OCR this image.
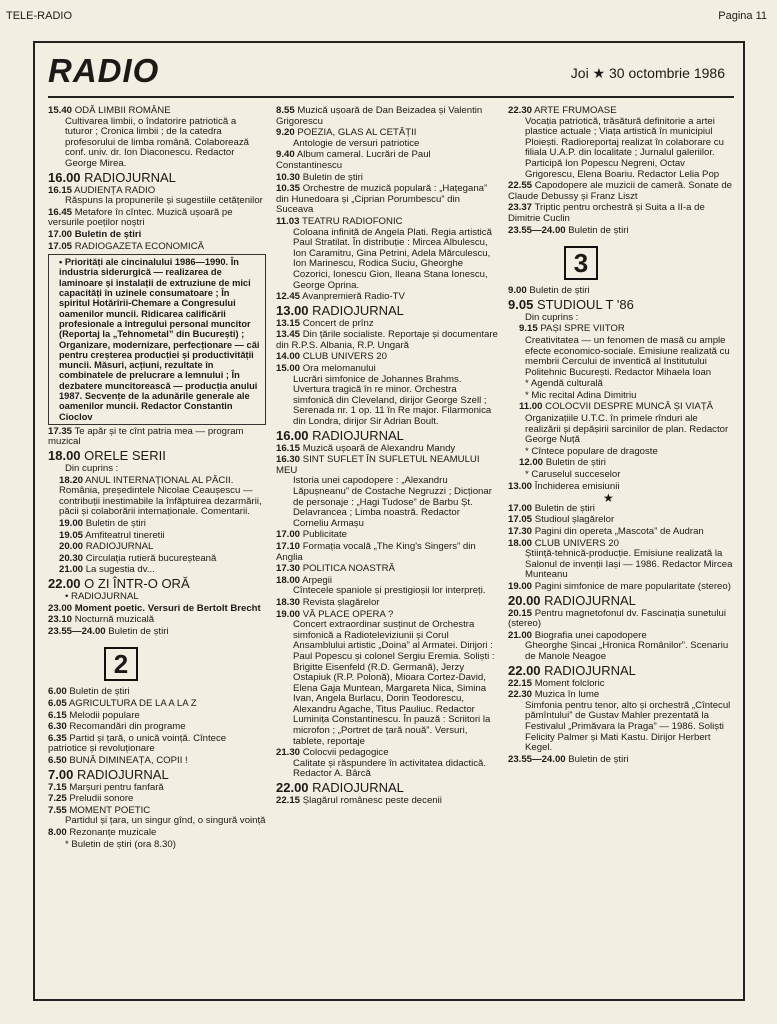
TELE-RADIO	Pagina 11
RADIO	Joi ★ 30 octombrie 1986
15.40 ODĂ LIMBII ROMÂNE
Cultivarea limbii, o îndatorire patriotică a tuturor ; Cronica limbii ; de la catedra profesorului de limba română. Colaborează conf. univ. dr. Ion Diaconescu. Redactor George Mirea.
16.00 RADIOJURNAL
16.15 AUDIENȚA RADIO
Răspuns la propunerile și sugestiile cetățenilor
16.45 Metafore în cîntec. Muzică ușoară pe versurile poeților noștri
17.00 Buletin de știri
17.05 RADIOGAZETA ECONOMICĂ
• Priorități ale cincinalului 1986—1990. În industria siderurgică — realizarea de laminoare și instalații de extruziune de mici capacități în uzinele consumatoare ; În spiritul Hotărîrii-Chemare a Congresului oamenilor muncii. Ridicarea calificării profesionale a întregului personal muncitor (Reportaj la „Tehnometal” din București) ; Organizare, modernizare, perfecționare — căi pentru creșterea producției și productivității muncii. Măsuri, acțiuni, rezultate în combinatele de prelucrare a lemnului ; În dezbatere muncitorească — producția anului 1987. Secvențe de la adunările generale ale oamenilor muncii. Redactor Constantin Cioclov
17.35 Te apăr și te cînt patria mea — program muzical
18.00 ORELE SERII
Din cuprins :
18.20 ANUL INTERNAȚIONAL AL PĂCII. România, președintele Nicolae Ceaușescu — contribuții inestimabile la înfăptuirea dezarmării, păcii și colaborării internaționale. Comentarii.
19.00 Buletin de știri
19.05 Amfiteatrul tineretii
20.00 RADIOJURNAL
20.30 Circulația rutieră bucureșteană
21.00 La sugestia dv...
22.00 O ZI ÎNTR-O ORĂ
• RADIOJURNAL
23.00 Moment poetic. Versuri de Bertolt Brecht
23.10 Nocturnă muzicală
23.55—24.00 Buletin de știri
2
6.00 Buletin de știri
6.05 AGRICULTURA DE LA A LA Z
6.15 Melodii populare
6.30 Recomandări din programe
6.35 Partid și țară, o unică voință. Cîntece patriotice și revoluționare
6.50 BUNĂ DIMINEAȚA, COPII !
7.00 RADIOJURNAL
7.15 Marșuri pentru fanfară
7.25 Preludii sonore
7.55 MOMENT POETIC
Partidul și țara, un singur gînd, o singură voință
8.00 Rezonanțe muzicale
* Buletin de știri (ora 8.30)
8.55 Muzică ușoară de Dan Beizadea și Valentin Grigorescu
9.20 POEZIA, GLAS AL CETĂȚII
Antologie de versuri patriotice
9.40 Album cameral. Lucrări de Paul Constantinescu
10.30 Buletin de știri
10.35 Orchestre de muzică populară : „Hațegana” din Hunedoara și „Ciprian Porumbescu” din Suceava
11.03 TEATRU RADIOFONIC
Coloana infinită de Angela Plati. Regia artistică Paul Stratilat. În distribuție : Mircea Albulescu, Ion Caramitru, Gina Petrini, Adela Mărculescu, Ion Marinescu, Rodica Suciu, Gheorghe Cozorici, Ionescu Gion, Ileana Stana Ionescu, George Oprina.
12.45 Avanpremieră Radio-TV
13.00 RADIOJURNAL
13.15 Concert de prînz
13.45 Din țările socialiste. Reportaje și documentare din R.P.S. Albania, R.P. Ungară
14.00 CLUB UNIVERS 20
15.00 Ora melomanului
Lucrări simfonice de Johannes Brahms. Uvertura tragică în re minor. Orchestra simfonică din Cleveland, dirijor George Szell ; Serenada nr. 1 op. 11 în Re major. Filarmonica din Londra, dirijor Sir Adrian Boult.
16.00 RADIOJURNAL
16.15 Muzică ușoară de Alexandru Mandy
16.30 SINT SUFLET ÎN SUFLETUL NEAMULUI MEU
Istoria unei capodopere : „Alexandru Lăpușneanu” de Costache Negruzzi ; Dicționar de personaje : „Hagi Tudose” de Barbu Șt. Delavrancea ; Limba noastră. Redactor Corneliu Armașu
17.00 Publicitate
17.10 Formația vocală „The King's Singers” din Anglia
17.30 POLITICA NOASTRĂ
18.00 Arpegii
Cîntecele spaniole și prestigioșii lor interpreți.
18.30 Revista șlagărelor
19.00 VĂ PLACE OPERA ?
Concert extraordinar susținut de Orchestra simfonică a Radioteleviziunii și Corul Ansamblului artistic „Doina” al Armatei. Dirijori : Paul Popescu și colonel Sergiu Eremia. Soliști : Brigitte Eisenfeld (R.D. Germană), Jerzy Ostapiuk (R.P. Polonă), Mioara Cortez-David, Elena Gaja Muntean, Margareta Nica, Simina Ivan, Angela Burlacu, Dorin Teodorescu, Alexandru Agache, Titus Pauliuc. Redactor Luminița Constantinescu. În pauză : Scriitori la microfon ; „Portret de țară nouă”. Versuri, tablete, reportaje
21.30 Colocvii pedagogice
Calitate și răspundere în activitatea didactică. Redactor A. Bârcă
22.00 RADIOJURNAL
22.15 Șlagărul românesc peste decenii
22.30 ARTE FRUMOASE
Vocația patriotică, trăsătură definitorie a artei plastice actuale ; Viața artistică în municipiul Ploiești. Radioreportaj realizat în colaborare cu filiala U.A.P. din localitate ; Jurnalul galeriilor. Participă Ion Popescu Negreni, Octav Grigorescu, Elena Boariu. Redactor Lelia Pop
22.55 Capodopere ale muzicii de cameră. Sonate de Claude Debussy și Franz Liszt
23.37 Triptic pentru orchestră și Suita a II-a de Dimitrie Cuclin
23.55—24.00 Buletin de știri
3
9.00 Buletin de știri
9.05 STUDIOUL T '86
Din cuprins :
9.15 PAȘI SPRE VIITOR
Creativitatea — un fenomen de masă cu ample efecte economico-sociale. Emisiune realizată cu membrii Cercului de inventică al Institutului Politehnic București. Redactor Mihaela Ioan
* Agendă culturală
* Mic recital Adina Dimitriu
11.00 COLOCVII DESPRE MUNCĂ ȘI VIAȚĂ
Organizațiile U.T.C. în primele rînduri ale realizării și depășirii sarcinilor de plan. Redactor George Nuță
* Cîntece populare de dragoste
12.00 Buletin de știri
* Caruselul succeselor
13.00 Închiderea emisiunii
★
17.00 Buletin de știri
17.05 Studioul șlagărelor
17.30 Pagini din opereta „Mascota” de Audran
18.00 CLUB UNIVERS 20
Știință-tehnică-producție. Emisiune realizată la Salonul de invenții Iași — 1986. Redactor Mircea Munteanu
19.00 Pagini simfonice de mare popularitate (stereo)
20.00 RADIOJURNAL
20.15 Pentru magnetofonul dv. Fascinația sunetului (stereo)
21.00 Biografia unei capodopere
Gheorghe Șincai „Hronica Românilor”. Scenariu de Manole Neagoe
22.00 RADIOJURNAL
22.15 Moment folcloric
22.30 Muzica în lume
Simfonia pentru tenor, alto și orchestră „Cîntecul pămîntului” de Gustav Mahler prezentată la Festivalul „Primăvara la Praga” — 1986. Soliști Felicity Palmer și Mati Kastu. Dirijor Herbert Kegel.
23.55—24.00 Buletin de știri
